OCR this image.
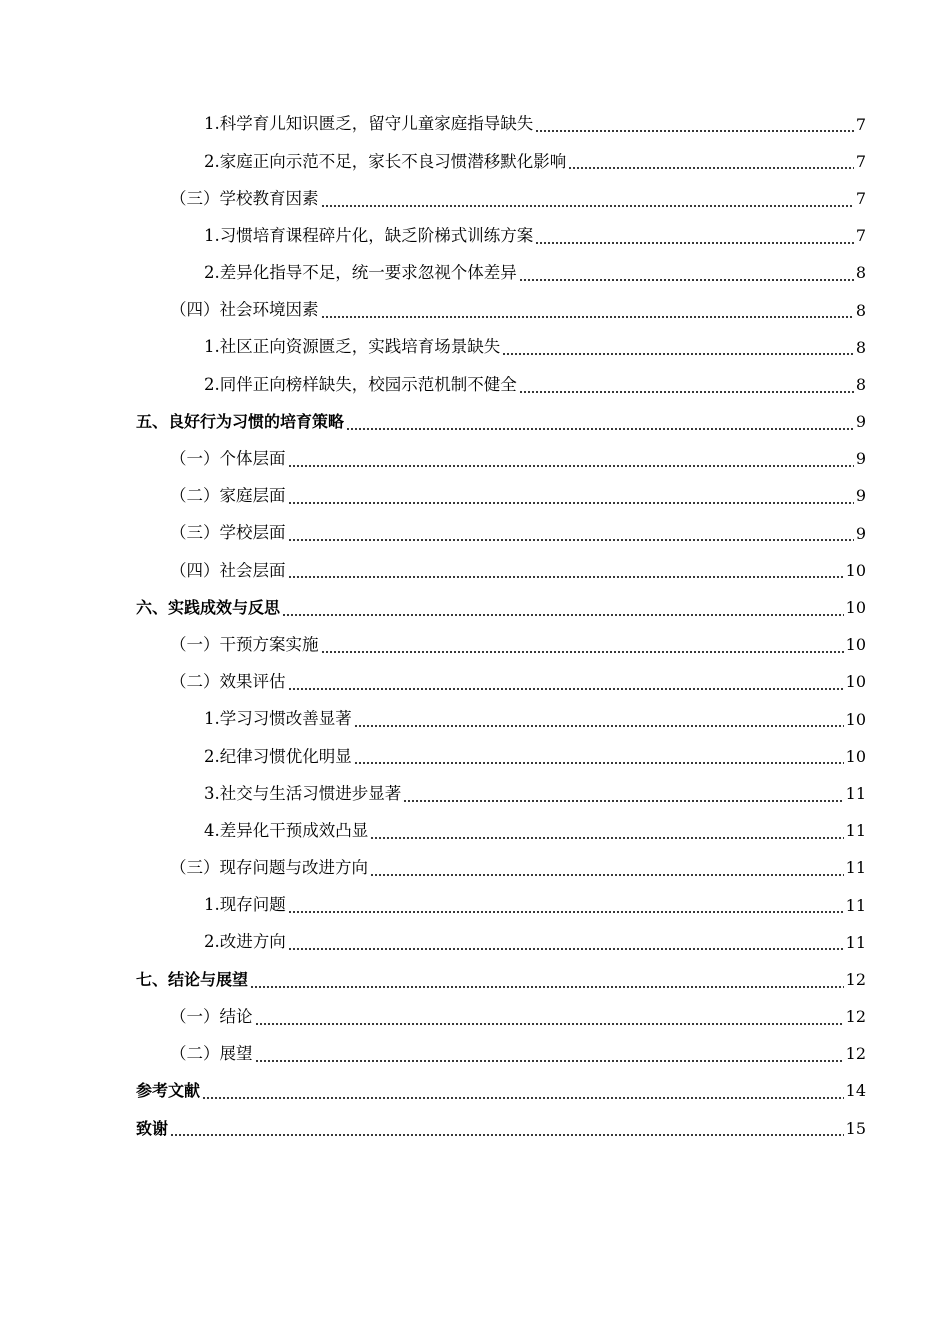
1.科学育儿知识匮乏，留守儿童家庭指导缺失	7
2.家庭正向示范不足，家长不良习惯潜移默化影响	7
（三）学校教育因素	7
1.习惯培育课程碎片化，缺乏阶梯式训练方案	7
2.差异化指导不足，统一要求忽视个体差异	8
（四）社会环境因素	8
1.社区正向资源匮乏，实践培育场景缺失	8
2.同伴正向榜样缺失，校园示范机制不健全	8
五、良好行为习惯的培育策略	9
（一）个体层面	9
（二）家庭层面	9
（三）学校层面	9
（四）社会层面	10
六、实践成效与反思	10
（一）干预方案实施	10
（二）效果评估	10
1.学习习惯改善显著	10
2.纪律习惯优化明显	10
3.社交与生活习惯进步显著	11
4.差异化干预成效凸显	11
（三）现存问题与改进方向	11
1.现存问题	11
2.改进方向	11
七、结论与展望	12
（一）结论	12
（二）展望	12
参考文献	14
致谢	15
